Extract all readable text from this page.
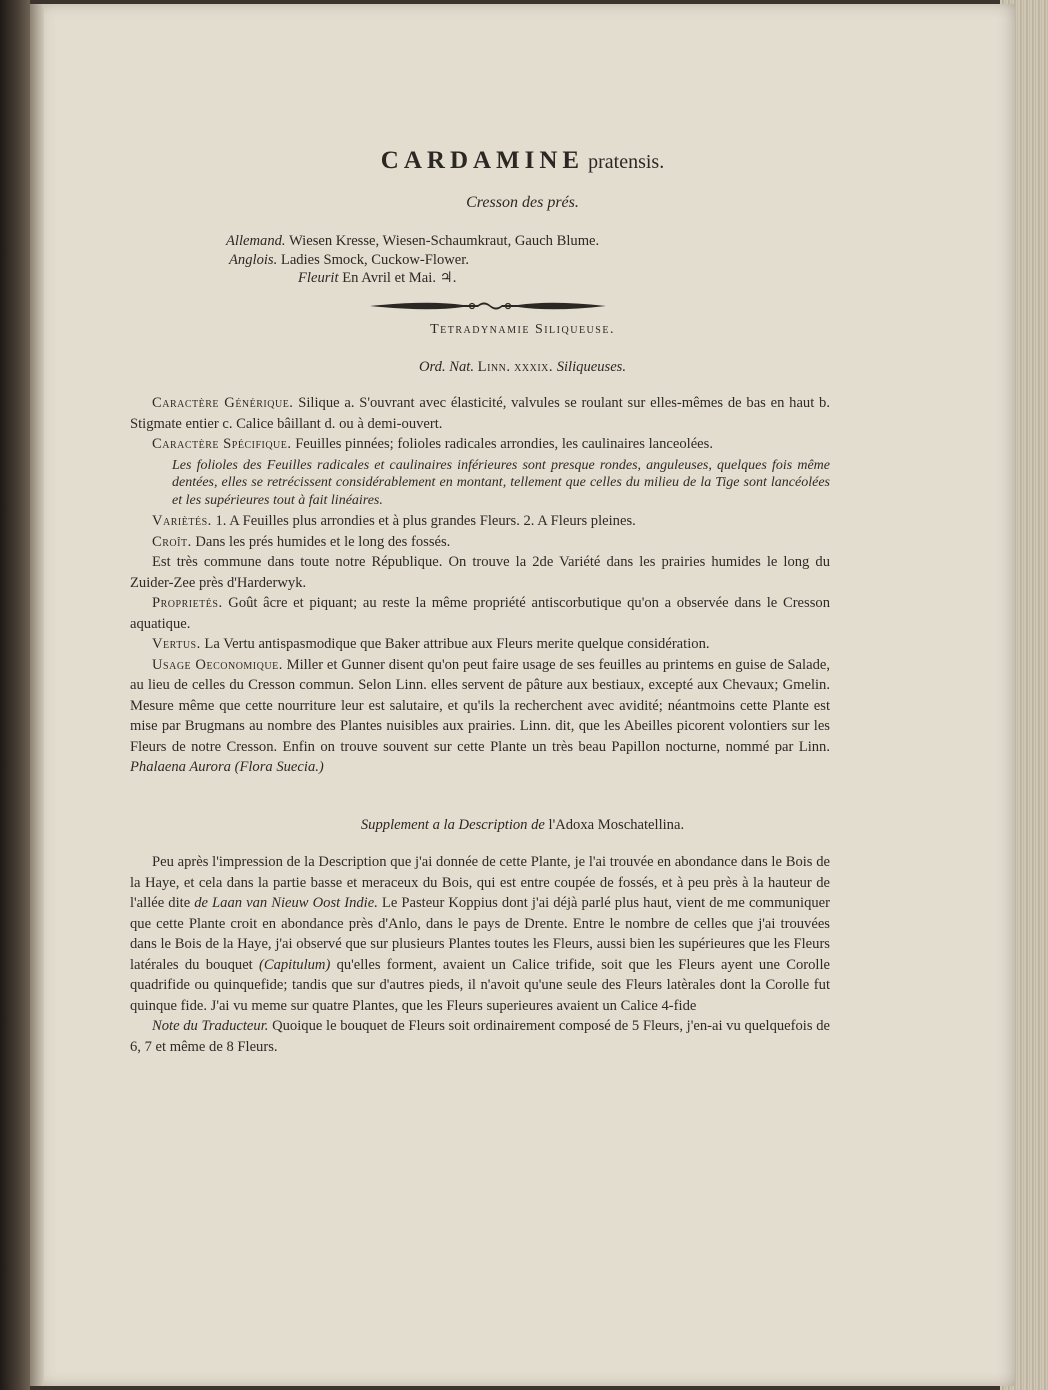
CARDAMINE pratensis.
Cresson des prés.
Allemand. Wiesen Kresse, Wiesen-Schaumkraut, Gauch Blume.
Anglois. Ladies Smock, Cuckow-Flower.
Fleurit En Avril et Mai. ♃.
Tetradynamie Siliqueuse.
Ord. Nat. Linn. xxxix. Siliqueuses.

Caractère Générique. Silique a. S'ouvrant avec élasticité, valvules se roulant sur elles-mêmes de bas en haut b. Stigmate entier c. Calice bâillant d. ou à demi-ouvert.

Caractère Spécifique. Feuilles pinnées; folioles radicales arrondies, les caulinaires lanceolées.

Les folioles des Feuilles radicales et caulinaires inférieures sont presque rondes, anguleuses, quelques fois même dentées, elles se retrécissent considérablement en montant, tellement que celles du milieu de la Tige sont lancéolées et les supérieures tout à fait linéaires.

Variètés. 1. A Feuilles plus arrondies et à plus grandes Fleurs. 2. A Fleurs pleines.

Croît. Dans les prés humides et le long des fossés.

Est très commune dans toute notre République. On trouve la 2de Variété dans les prairies humides le long du Zuider-Zee près d'Harderwyk.

Proprietés. Goût âcre et piquant; au reste la même propriété antiscorbutique qu'on a observée dans le Cresson aquatique.

Vertus. La Vertu antispasmodique que Baker attribue aux Fleurs merite quelque considération.

Usage Oeconomique. Miller et Gunner disent qu'on peut faire usage de ses feuilles au printems en guise de Salade, au lieu de celles du Cresson commun. Selon Linn. elles servent de pâture aux bestiaux, excepté aux Chevaux; Gmelin. Mesure même que cette nourriture leur est salutaire, et qu'ils la recherchent avec avidité; néantmoins cette Plante est mise par Brugmans au nombre des Plantes nuisibles aux prairies. Linn. dit, que les Abeilles picorent volontiers sur les Fleurs de notre Cresson. Enfin on trouve souvent sur cette Plante un très beau Papillon nocturne, nommé par Linn. Phalaena Aurora (Flora Suecia.)

Supplement a la Description de l'Adoxa Moschatellina.

Peu après l'impression de la Description que j'ai donnée de cette Plante, je l'ai trouvée en abondance dans le Bois de la Haye, et cela dans la partie basse et meraceux du Bois, qui est entre coupée de fossés, et à peu près à la hauteur de l'allée dite de Laan van Nieuw Oost Indie. Le Pasteur Koppius dont j'ai déjà parlé plus haut, vient de me communiquer que cette Plante croit en abondance près d'Anlo, dans le pays de Drente. Entre le nombre de celles que j'ai trouvées dans le Bois de la Haye, j'ai observé que sur plusieurs Plantes toutes les Fleurs, aussi bien les supérieures que les Fleurs latérales du bouquet (Capitulum) qu'elles forment, avaient un Calice trifide, soit que les Fleurs ayent une Corolle quadrifide ou quinquefide; tandis que sur d'autres pieds, il n'avoit qu'une seule des Fleurs latèrales dont la Corolle fut quinque fide. J'ai vu meme sur quatre Plantes, que les Fleurs superieures avaient un Calice 4-fide

Note du Traducteur. Quoique le bouquet de Fleurs soit ordinairement composé de 5 Fleurs, j'en-ai vu quelquefois de 6, 7 et même de 8 Fleurs.
